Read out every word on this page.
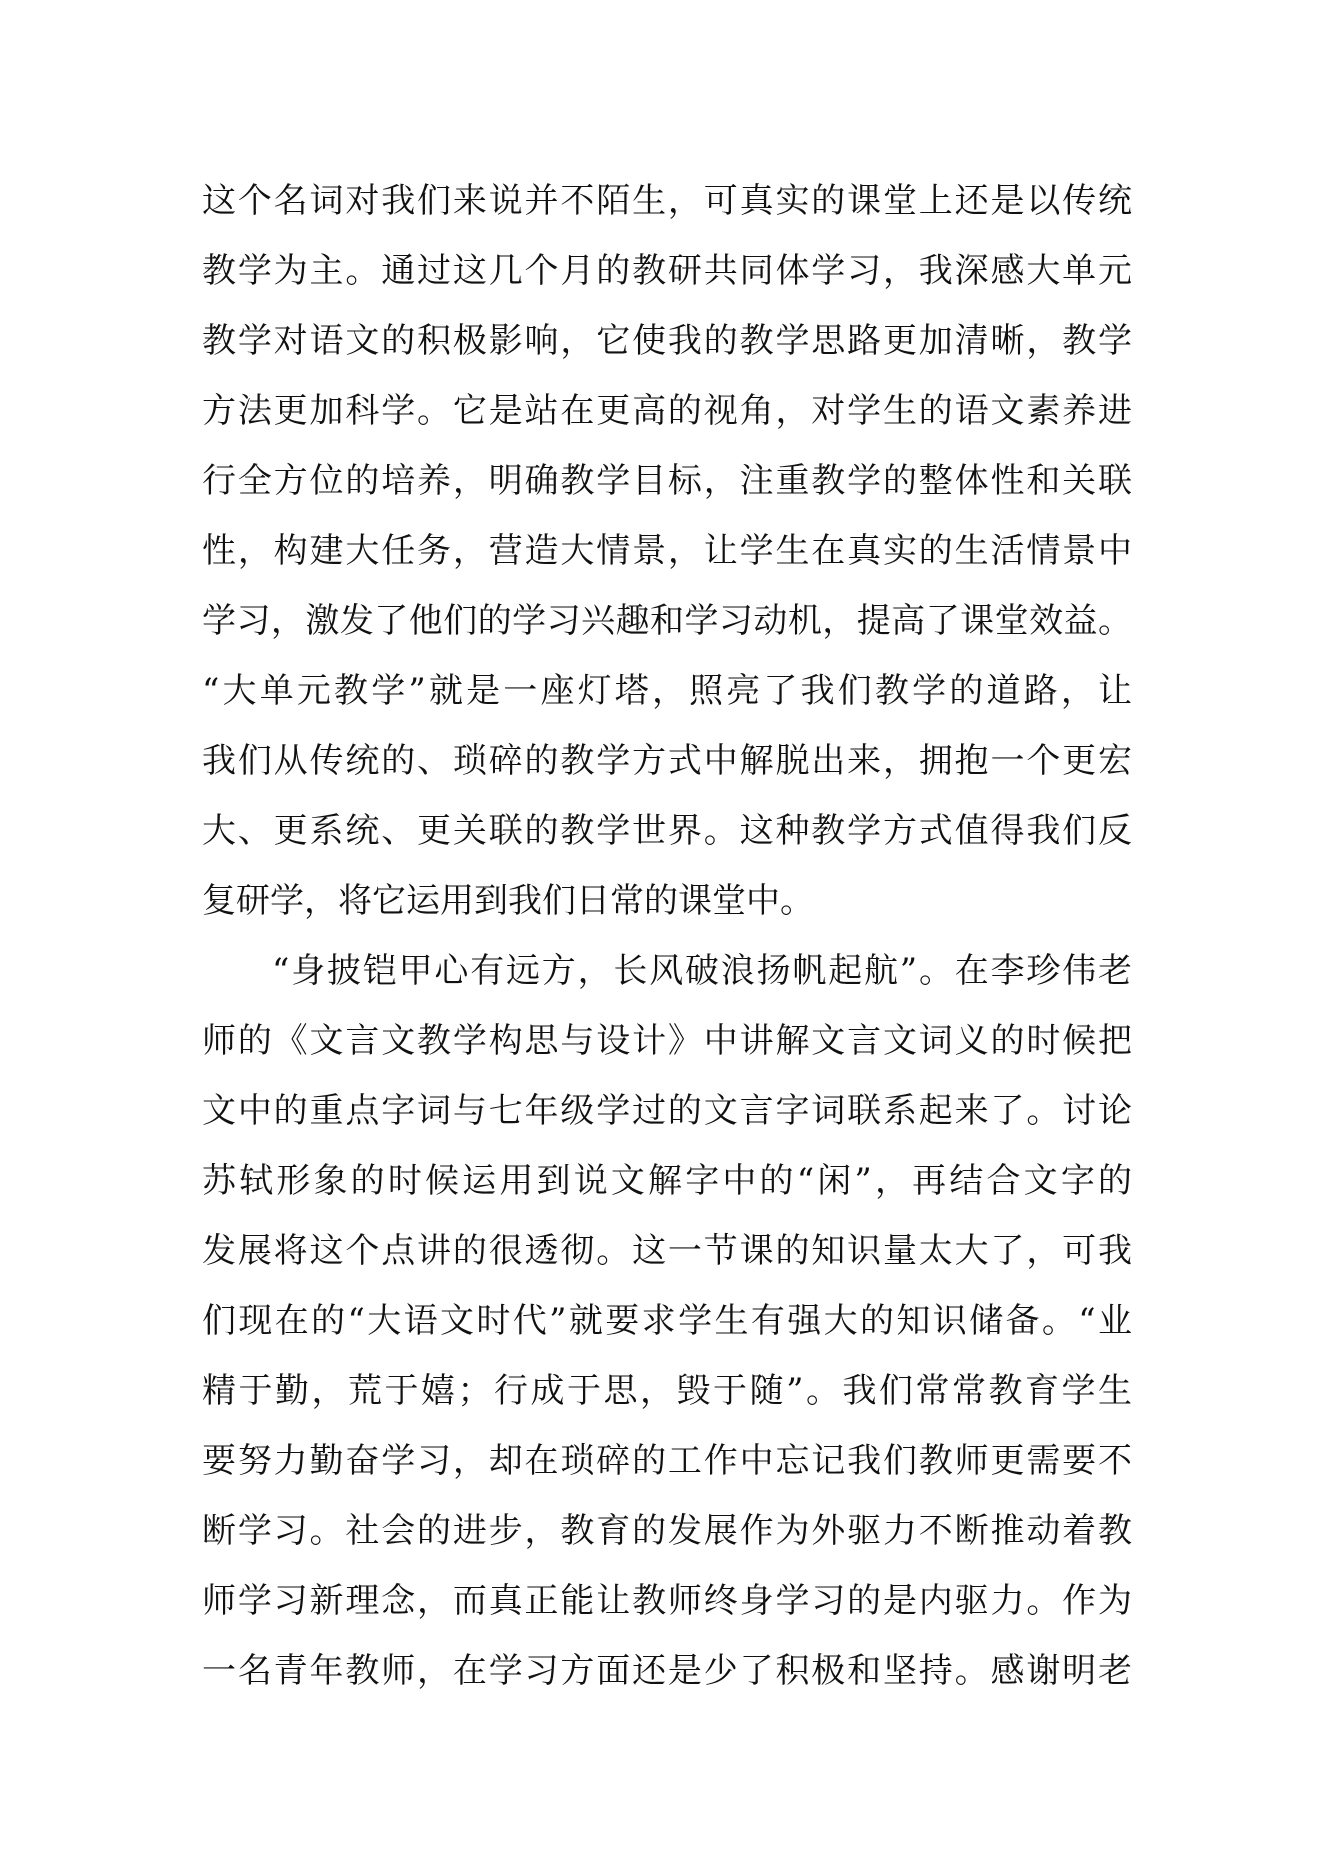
这个名词对我们来说并不陌生，可真实的课堂上还是以传统
教学为主。通过这几个月的教研共同体学习，我深感大单元
教学对语文的积极影响，它使我的教学思路更加清晰，教学
方法更加科学。它是站在更高的视角，对学生的语文素养进
行全方位的培养，明确教学目标，注重教学的整体性和关联
性，构建大任务，营造大情景，让学生在真实的生活情景中
学习，激发了他们的学习兴趣和学习动机，提高了课堂效益。
“大单元教学”就是一座灯塔，照亮了我们教学的道路，让
我们从传统的、琐碎的教学方式中解脱出来，拥抱一个更宏
大、更系统、更关联的教学世界。这种教学方式值得我们反
复研学，将它运用到我们日常的课堂中。
“身披铠甲心有远方，长风破浪扬帆起航”。在李珍伟老
师的《文言文教学构思与设计》中讲解文言文词义的时候把
文中的重点字词与七年级学过的文言字词联系起来了。讨论
苏轼形象的时候运用到说文解字中的“闲”，再结合文字的
发展将这个点讲的很透彻。这一节课的知识量太大了，可我
们现在的“大语文时代”就要求学生有强大的知识储备。“业
精于勤，荒于嬉；行成于思，毁于随”。我们常常教育学生
要努力勤奋学习，却在琐碎的工作中忘记我们教师更需要不
断学习。社会的进步，教育的发展作为外驱力不断推动着教
师学习新理念，而真正能让教师终身学习的是内驱力。作为
一名青年教师，在学习方面还是少了积极和坚持。感谢明老
